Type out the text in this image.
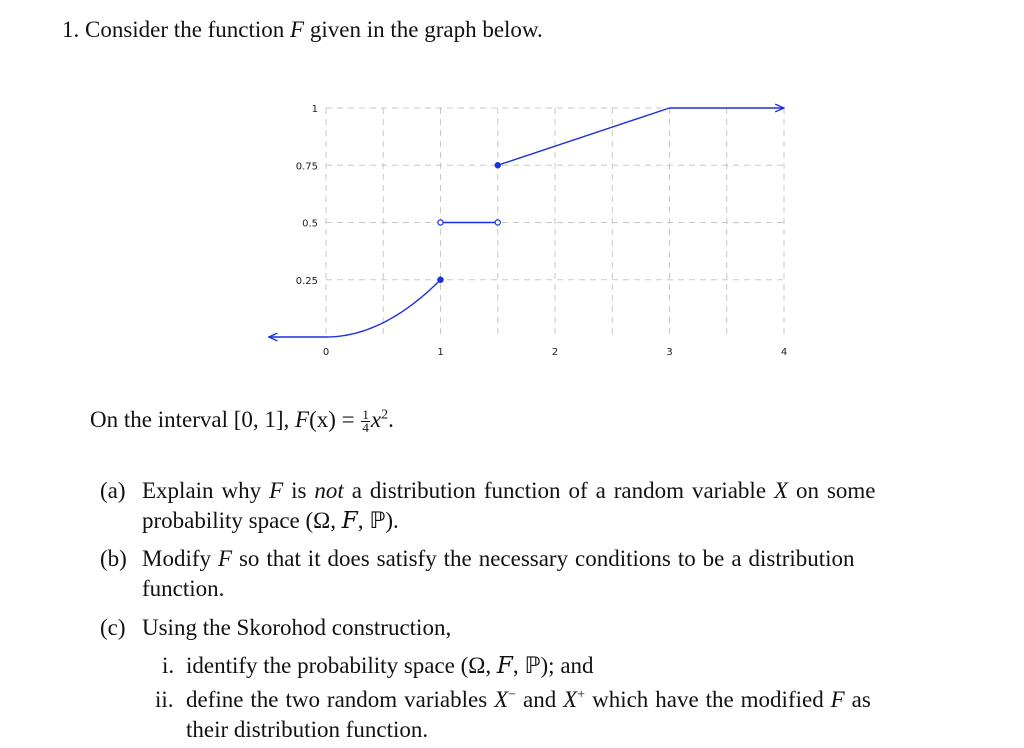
1. Consider the function F given in the graph below.
0	1	2	3	4
1
0.75
0.5
0.25
On the interval [0, 1], $F(x) = \frac{1}{4} x^2$.
(a) Explain why F is not a distribution function of a random variable X on some
probability space (Ω, F, ℙ).
(b) Modify F so that it does satisfy the necessary conditions to be a distribution
function.
(c) Using the Skorohod construction,
i. identify the probability space (Ω, F, ℙ); and
ii. define the two random variables X− and X+ which have the modified F as
their distribution function.
